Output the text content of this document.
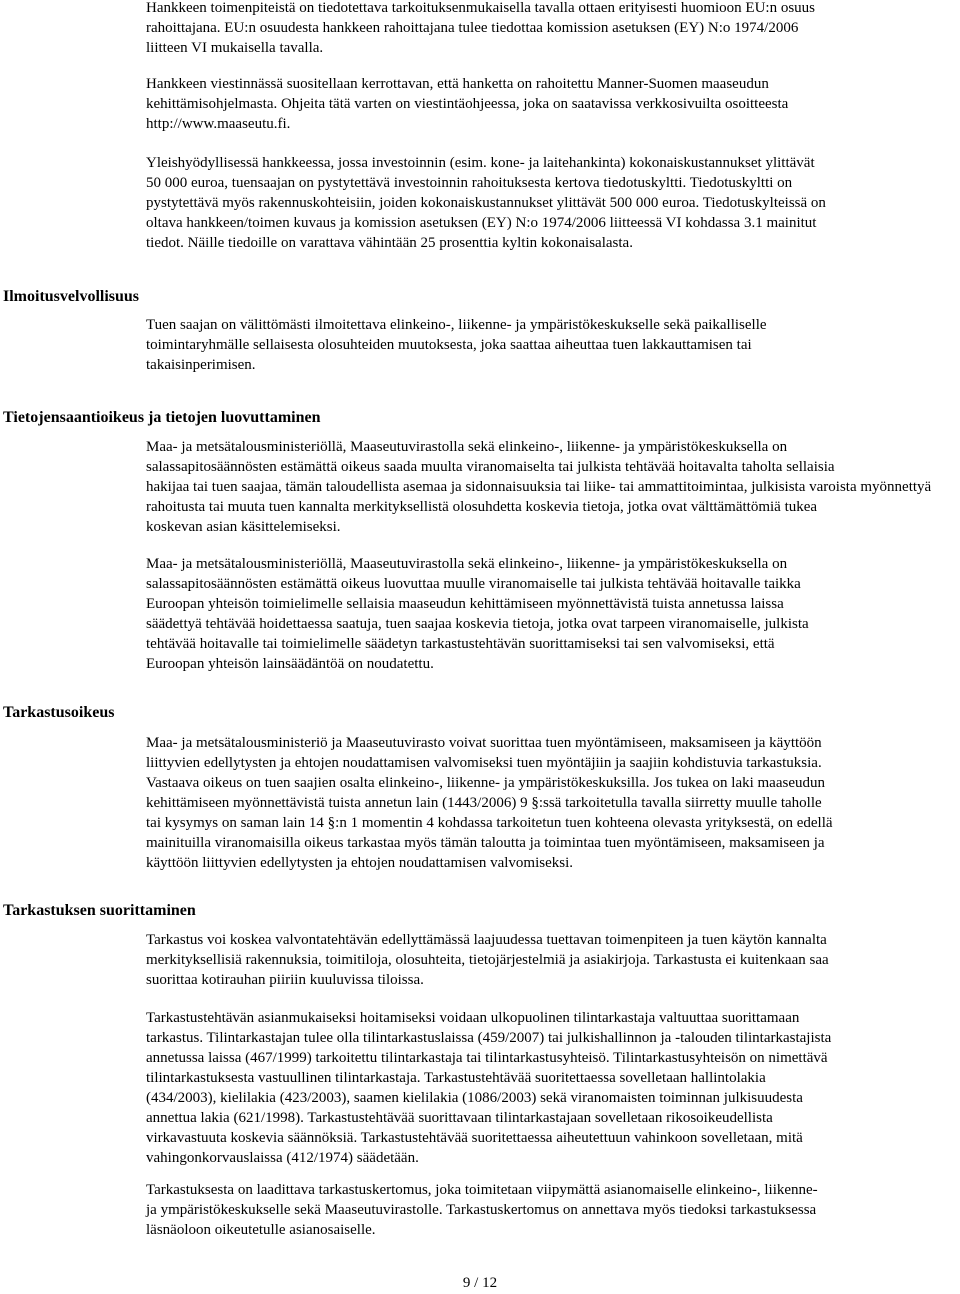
Hankkeen toimenpiteistä on tiedotettava tarkoituksenmukaisella tavalla ottaen erityisesti huomioon EU:n osuus
rahoittajana. EU:n osuudesta hankkeen rahoittajana tulee tiedottaa komission asetuksen (EY) N:o 1974/2006
liitteen VI mukaisella tavalla.

Hankkeen viestinnässä suositellaan kerrottavan, että hanketta on rahoitettu Manner-Suomen maaseudun
kehittämisohjelmasta. Ohjeita tätä varten on viestintäohjeessa, joka on saatavissa verkkosivuilta osoitteesta
http://www.maaseutu.fi.

Yleishyödyllisessä hankkeessa, jossa investoinnin (esim. kone- ja laitehankinta) kokonaiskustannukset ylittävät
50 000 euroa, tuensaajan on pystytettävä investoinnin rahoituksesta kertova tiedotuskyltti. Tiedotuskyltti on
pystytettävä myös rakennuskohteisiin, joiden kokonaiskustannukset ylittävät 500 000 euroa. Tiedotuskylteissä on
oltava hankkeen/toimen kuvaus ja komission asetuksen (EY) N:o 1974/2006 liitteessä VI kohdassa 3.1 mainitut
tiedot. Näille tiedoille on varattava vähintään 25 prosenttia kyltin kokonaisalasta.

Ilmoitusvelvollisuus

Tuen saajan on välittömästi ilmoitettava elinkeino-, liikenne- ja ympäristökeskukselle sekä paikalliselle
toimintaryhmälle sellaisesta olosuhteiden muutoksesta, joka saattaa aiheuttaa tuen lakkauttamisen tai
takaisinperimisen.

Tietojensaantioikeus ja tietojen luovuttaminen

Maa- ja metsätalousministeriöllä, Maaseutuvirastolla sekä elinkeino-, liikenne- ja ympäristökeskuksella on
salassapitosäännösten estämättä oikeus saada muulta viranomaiselta tai julkista tehtävää hoitavalta taholta sellaisia
hakijaa tai tuen saajaa, tämän taloudellista asemaa ja sidonnaisuuksia tai liike- tai ammattitoimintaa, julkisista varoista myönnettyä
rahoitusta tai muuta tuen kannalta merkityksellistä olosuhdetta koskevia tietoja, jotka ovat välttämättömiä tukea
koskevan asian käsittelemiseksi.

Maa- ja metsätalousministeriöllä, Maaseutuvirastolla sekä elinkeino-, liikenne- ja ympäristökeskuksella on
salassapitosäännösten estämättä oikeus luovuttaa muulle viranomaiselle tai julkista tehtävää hoitavalle taikka
Euroopan yhteisön toimielimelle sellaisia maaseudun kehittämiseen myönnettävistä tuista annetussa laissa
säädettyä tehtävää hoidettaessa saatuja, tuen saajaa koskevia tietoja, jotka ovat tarpeen viranomaiselle, julkista
tehtävää hoitavalle tai toimielimelle säädetyn tarkastustehtävän suorittamiseksi tai sen valvomiseksi, että
Euroopan yhteisön lainsäädäntöä on noudatettu.

Tarkastusoikeus

Maa- ja metsätalousministeriö ja Maaseutuvirasto voivat suorittaa tuen myöntämiseen, maksamiseen ja käyttöön
liittyvien edellytysten ja ehtojen noudattamisen valvomiseksi tuen myöntäjiin ja saajiin kohdistuvia tarkastuksia.
Vastaava oikeus on tuen saajien osalta elinkeino-, liikenne- ja ympäristökeskuksilla. Jos tukea on laki maaseudun
kehittämiseen myönnettävistä tuista annetun lain (1443/2006) 9 §:ssä tarkoitetulla tavalla siirretty muulle taholle
tai kysymys on saman lain 14 §:n 1 momentin 4 kohdassa tarkoitetun tuen kohteena olevasta yrityksestä, on edellä
mainituilla viranomaisilla oikeus tarkastaa myös tämän taloutta ja toimintaa tuen myöntämiseen, maksamiseen ja
käyttöön liittyvien edellytysten ja ehtojen noudattamisen valvomiseksi.

Tarkastuksen suorittaminen

Tarkastus voi koskea valvontatehtävän edellyttämässä laajuudessa tuettavan toimenpiteen ja tuen käytön kannalta
merkityksellisiä rakennuksia, toimitiloja, olosuhteita, tietojärjestelmiä ja asiakirjoja. Tarkastusta ei kuitenkaan saa
suorittaa kotirauhan piiriin kuuluvissa tiloissa.

Tarkastustehtävän asianmukaiseksi hoitamiseksi voidaan ulkopuolinen tilintarkastaja valtuuttaa suorittamaan
tarkastus. Tilintarkastajan tulee olla tilintarkastuslaissa (459/2007) tai julkishallinnon ja -talouden tilintarkastajista
annetussa laissa (467/1999) tarkoitettu tilintarkastaja tai tilintarkastusyhteisö. Tilintarkastusyhteisön on nimettävä
tilintarkastuksesta vastuullinen tilintarkastaja. Tarkastustehtävää suoritettaessa sovelletaan hallintolakia
(434/2003), kielilakia (423/2003), saamen kielilakia (1086/2003) sekä viranomaisten toiminnan julkisuudesta
annettua lakia (621/1998). Tarkastustehtävää suorittavaan tilintarkastajaan sovelletaan rikosoikeudellista
virkavastuuta koskevia säännöksiä. Tarkastustehtävää suoritettaessa aiheutettuun vahinkoon sovelletaan, mitä
vahingonkorvauslaissa (412/1974) säädetään.

Tarkastuksesta on laadittava tarkastuskertomus, joka toimitetaan viipymättä asianomaiselle elinkeino-, liikenne-
ja ympäristökeskukselle sekä Maaseutuvirastolle. Tarkastuskertomus on annettava myös tiedoksi tarkastuksessa
läsnäoloon oikeutetulle asianosaiselle.

9 / 12
